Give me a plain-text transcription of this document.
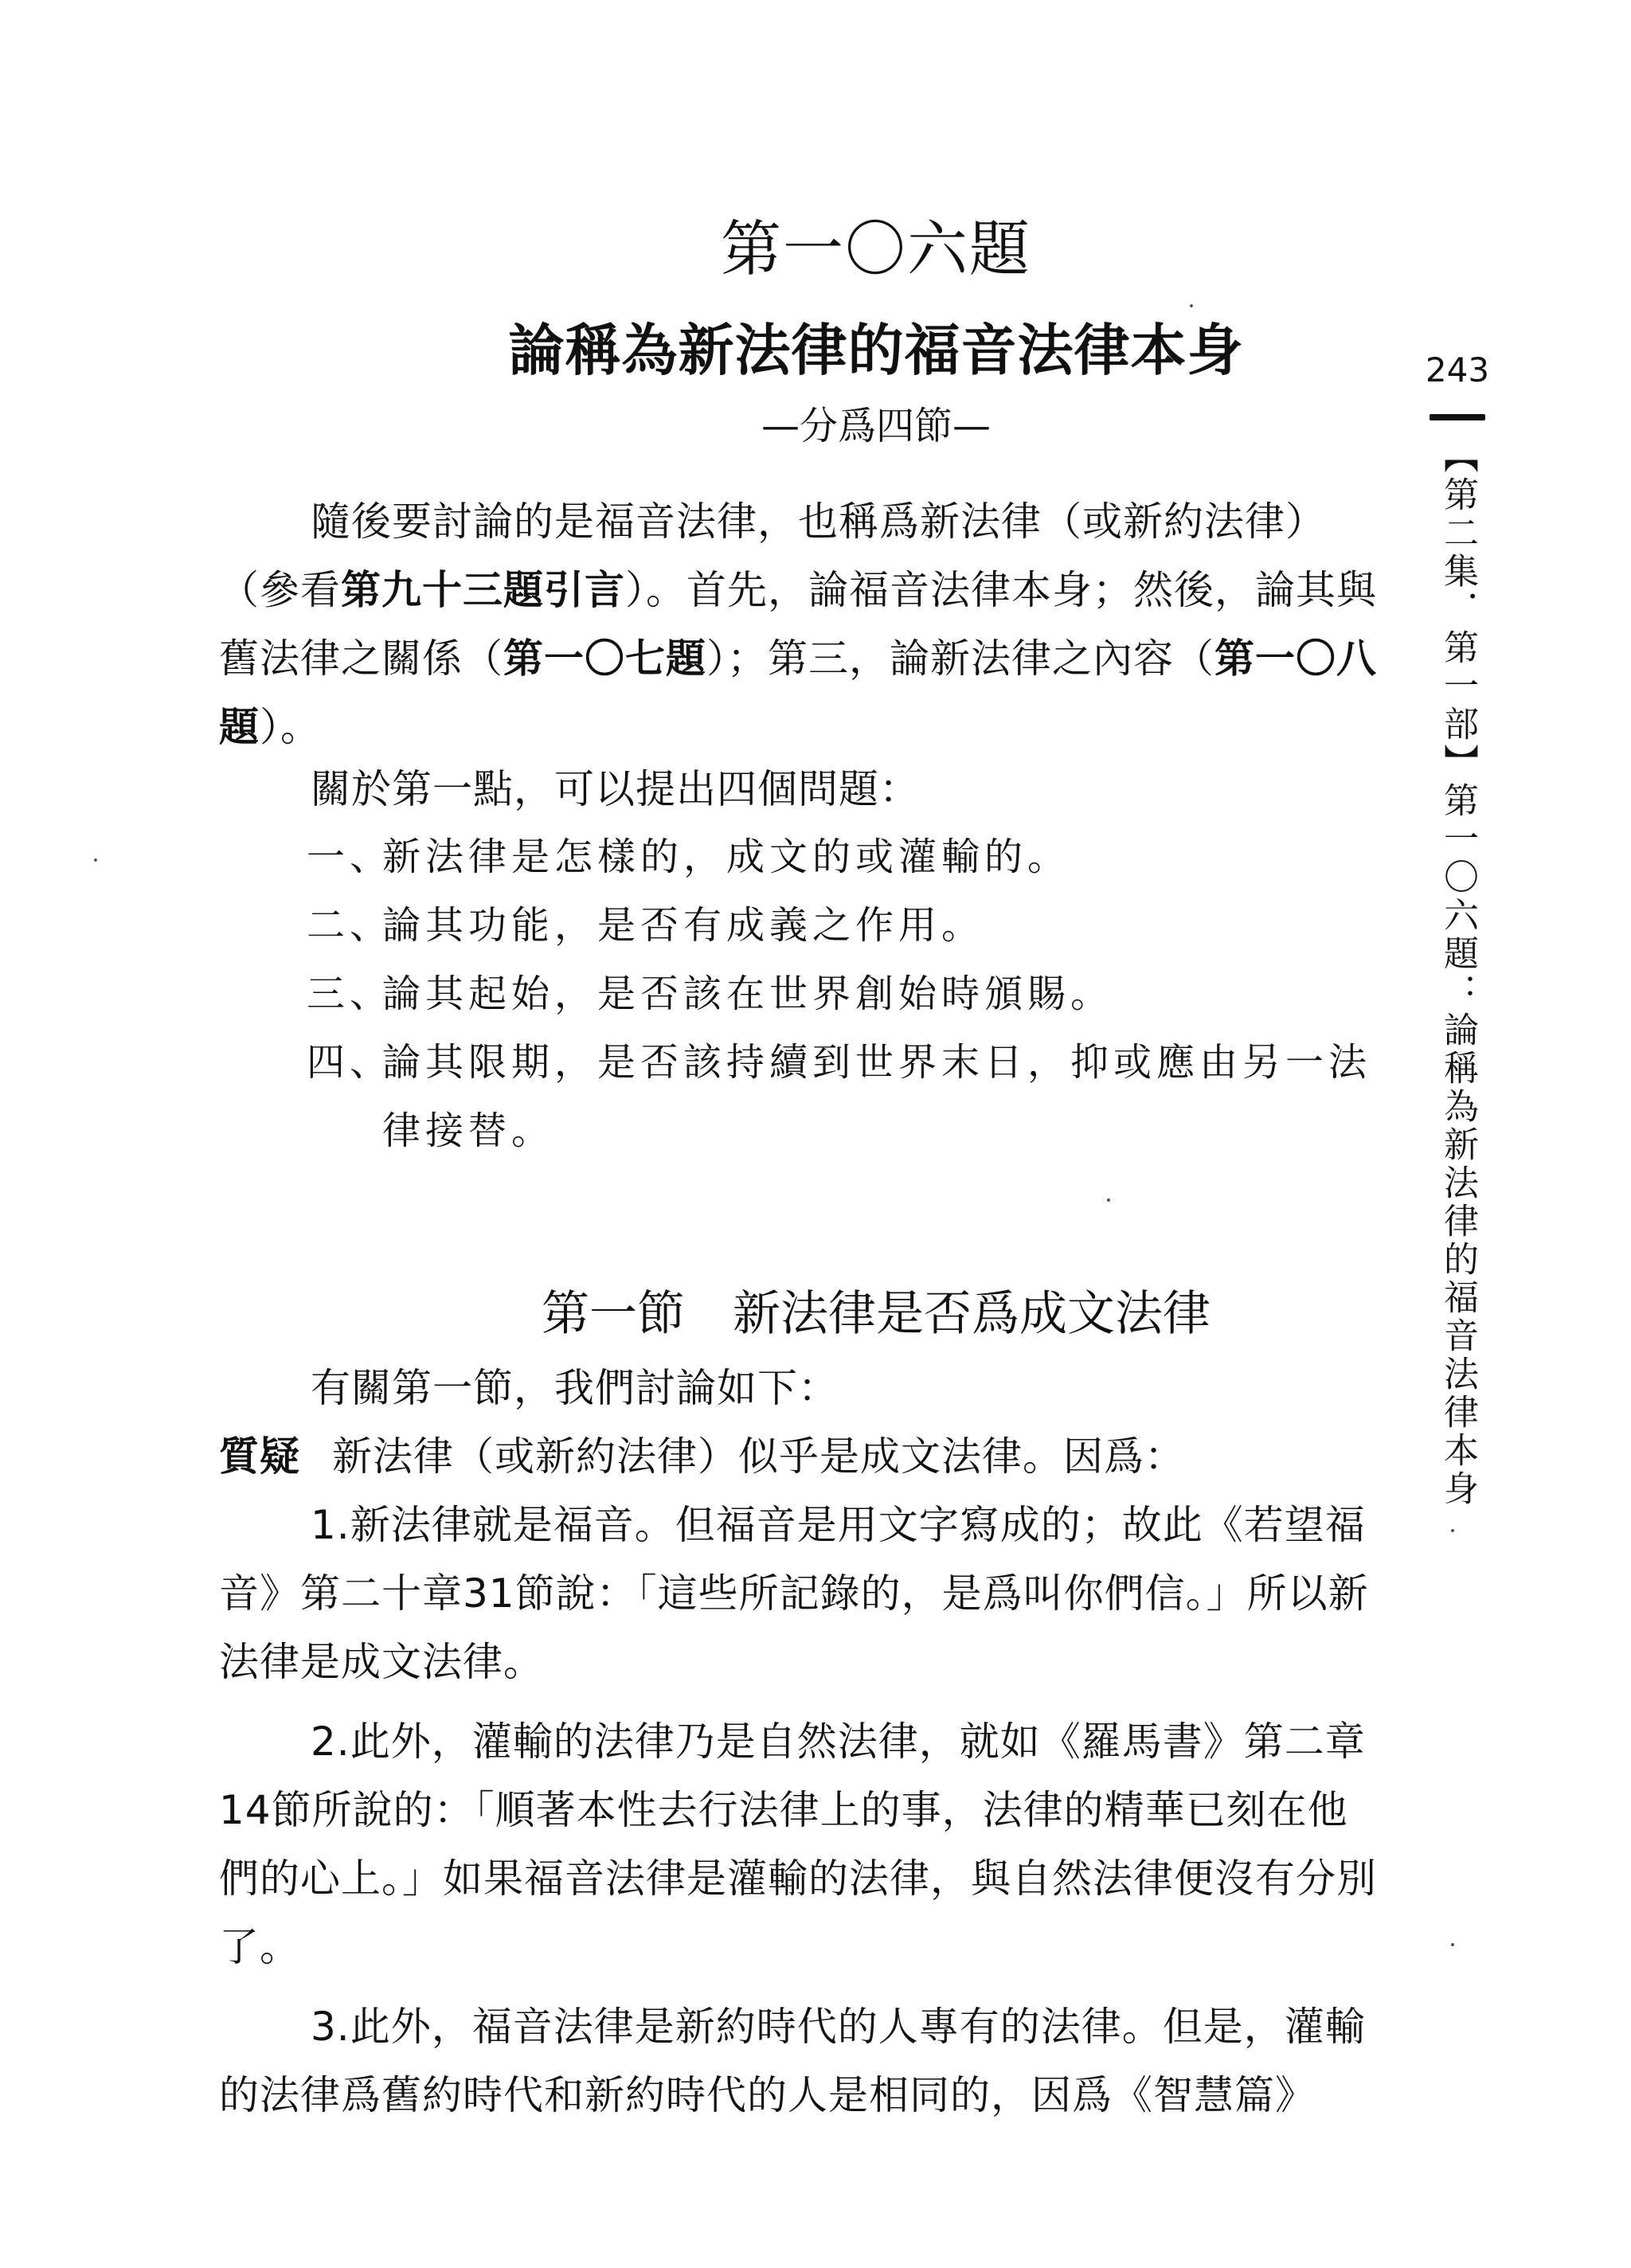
第一〇六題
論稱為新法律的福音法律本身
—分爲四節—

隨後要討論的是福音法律，也稱爲新法律（或新約法律）（參看第九十三題引言）。首先，論福音法律本身；然後，論其與舊法律之關係（第一〇七題）；第三，論新法律之內容（第一〇八題）。

關於第一點，可以提出四個問題：

一、
新法律是怎樣的，成文的或灌輸的。
二、
論其功能，是否有成義之作用。
三、
論其起始，是否該在世界創始時頒賜。
四、
論其限期，是否該持續到世界末日，抑或應由另一法
律接替。
第一節 新法律是否爲成文法律

有關第一節，我們討論如下：

質疑 新法律（或新約法律）似乎是成文法律。因爲：

1.新法律就是福音。但福音是用文字寫成的；故此《若望福音》第二十章31節說：「這些所記錄的，是爲叫你們信。」所以新法律是成文法律。

2.此外，灌輸的法律乃是自然法律，就如《羅馬書》第二章14節所說的：「順著本性去行法律上的事，法律的精華已刻在他們的心上。」如果福音法律是灌輸的法律，與自然法律便沒有分別了。

3.此外，福音法律是新約時代的人專有的法律。但是，灌輸的法律爲舊約時代和新約時代的人是相同的，因爲《智慧篇》

243
【第二集．第一部】第一〇六題：論稱為新法律的福音法律本身
